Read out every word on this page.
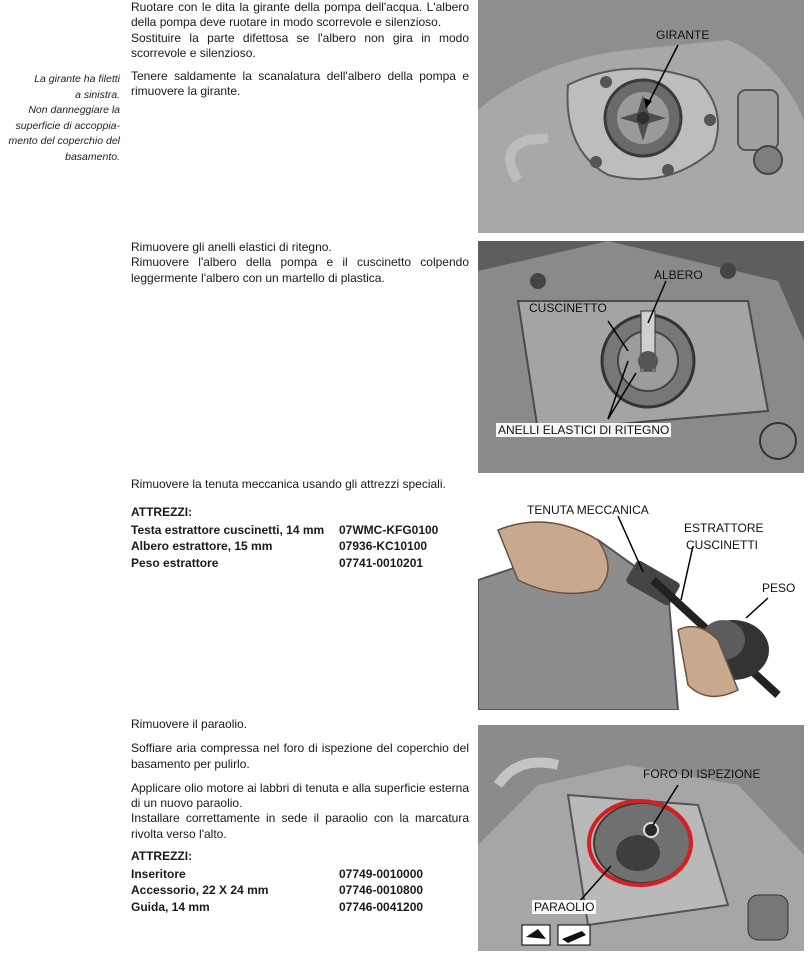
La girante ha filetti
a sinistra.
Non danneggiare la
superficie di accoppia-
mento del coperchio del
basamento.

Ruotare con le dita la girante della pompa dell'acqua. L'albero della pompa deve ruotare in modo scorrevole e silenzioso.

Sostituire la parte difettosa se l'albero non gira in modo scorrevole e silenzioso.

Tenere saldamente la scanalatura dell'albero della pompa e rimuovere la girante.

GIRANTE

Rimuovere gli anelli elastici di ritegno.

Rimuovere l'albero della pompa e il cuscinetto colpendo leggermente l'albero con un martello di plastica.	ALBERO
CUSCINETTO
ANELLI ELASTICI DI RITEGNO

Rimuovere la tenuta meccanica usando gli attrezzi speciali.

ATTREZZI:
Testa estrattore cuscinetti, 14 mm	07WMC-KFG0100
Albero estrattore, 15 mm	07936-KC10100
Peso estrattore	07741-0010201
TENUTA MECCANICA
ESTRATTORE
CUSCINETTI
PESO

Rimuovere il paraolio.

Soffiare aria compressa nel foro di ispezione del coperchio del basamento per pulirlo.

Applicare olio motore ai labbri di tenuta e alla superficie esterna di un nuovo paraolio.

Installare correttamente in sede il paraolio con la marcatura rivolta verso l'alto.

ATTREZZI:
Inseritore	07749-0010000
Accessorio, 22 X 24 mm	07746-0010800
Guida, 14 mm	07746-0041200
FORO DI ISPEZIONE
PARAOLIO
